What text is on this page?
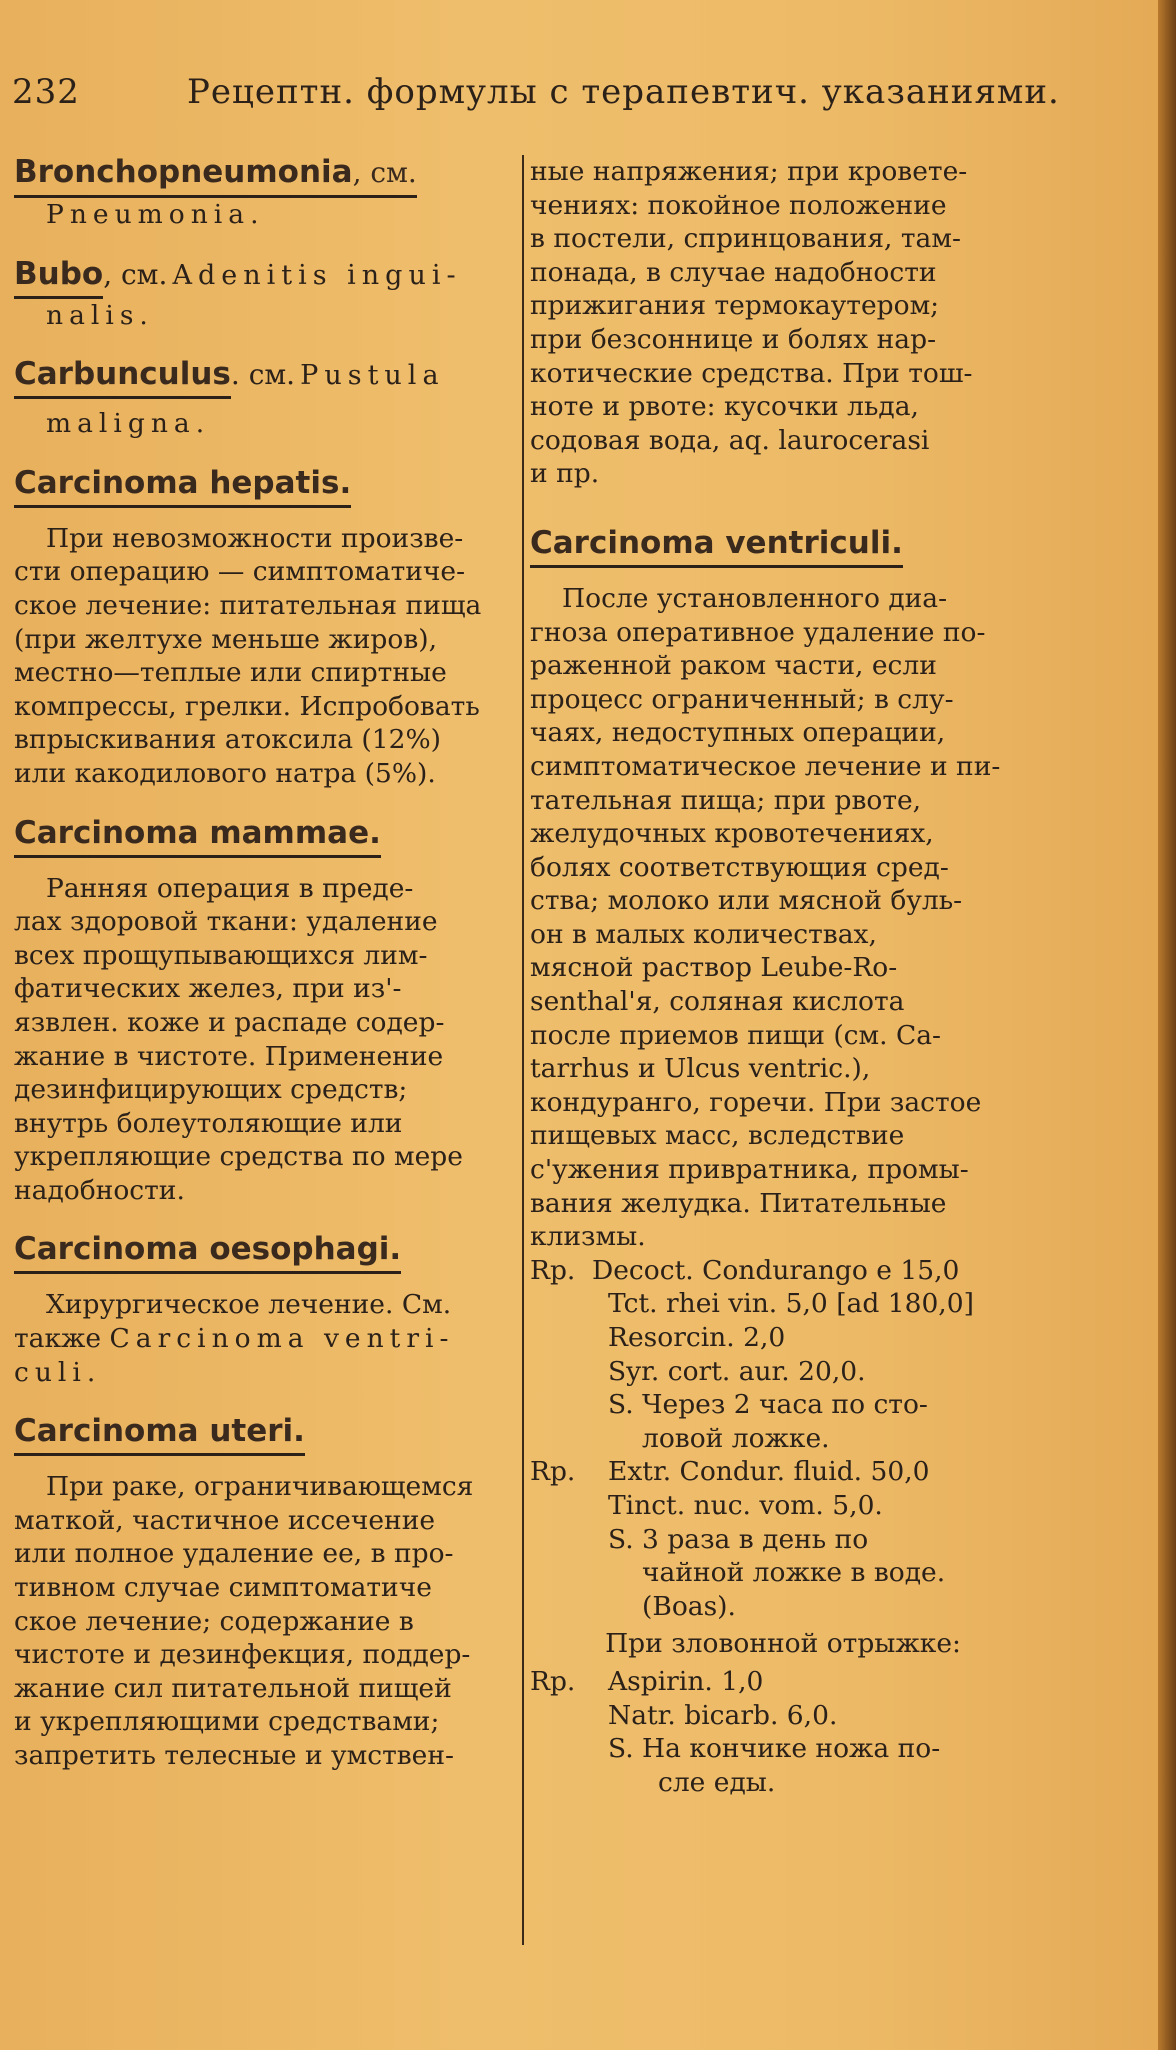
232	Рецептн. формулы с терапевтич. указаниями.
Bronchopneumonia, см.

Pneumonia.

Bubo, см. Adenitis ingui-

nalis.

Carbunculus. см. Pustula

maligna.

Carcinoma hepatis.

При невозможности произве-

сти операцию — симптоматиче-

ское лечение: питательная пища

(при желтухе меньше жиров),

местно—теплые или спиртные

компрессы, грелки. Испробовать

впрыскивания атоксила (12%)

или какодилового натра (5%).

Carcinoma mammae.

Ранняя операция в преде-

лах здоровой ткани: удаление

всех прощупывающихся лим-

фатических желез, при из'-

язвлен. коже и распаде содер-

жание в чистоте. Применение

дезинфицирующих средств;

внутрь болеутоляющие или

укрепляющие средства по мере

надобности.

Carcinoma oesophagi.

Хирургическое лечение. См.

также Carcinoma ventri-

culi.

Carcinoma uteri.

При раке, ограничивающемся

маткой, частичное иссечение

или полное удаление ее, в про-

тивном случае симптоматиче

ское лечение; содержание в

чистоте и дезинфекция, поддер-

жание сил питательной пищей

и укрепляющими средствами;

запретить телесные и умствен-

ные напряжения; при кровете-

чениях: покойное положение

в постели, спринцования, там-

понада, в случае надобности

прижигания термокаутером;

при безсоннице и болях нар-

котические средства. При тош-

ноте и рвоте: кусочки льда,

содовая вода, aq. laurocerasi

и пр.

Carcinoma ventriculi.

После установленного диа-

гноза оперативное удаление по-

раженной раком части, если

процесс ограниченный; в слу-

чаях, недоступных операции,

симптоматическое лечение и пи-

тательная пища; при рвоте,

желудочных кровотечениях,

болях соответствующия сред-

ства; молоко или мясной буль-

он в малых количествах,

мясной раствор Leube-Ro-

senthal'я, соляная кислота

после приемов пищи (см. Ca-

tarrhus и Ulcus ventric.),

кондуранго, горечи. При застое

пищевых масс, вследствие

с'ужения привратника, промы-

вания желудка. Питательные

клизмы.

Rp. Decoct. Condurango e 15,0
Tct. rhei vin. 5,0 [ad 180,0]
Resorcin. 2,0
Syr. cort. aur. 20,0.
S. Через 2 часа по сто-
ловой ложке.
Rp. Extr. Condur. fluid. 50,0
Tinct. nuc. vom. 5,0.
S. 3 раза в день по
чайной ложке в воде.
(Boas).

При зловонной отрыжке:

Rp. Aspirin. 1,0
Natr. bicarb. 6,0.
S. На кончике ножа по-
сле еды.
